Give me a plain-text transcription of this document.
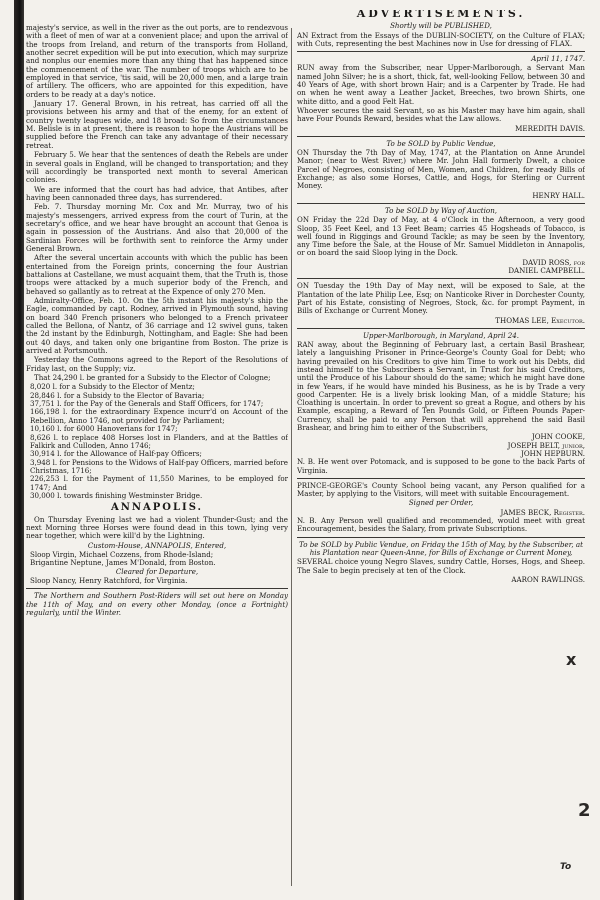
majesty's service, as well in the river as the out ports, are to rendezvous with a fleet of men of war at a convenient place; and upon the arrival of the troops from Ireland, and return of the transports from Holland, another secret expedition will be put into execution, which may surprize and nonplus our enemies more than any thing that has happened since the commencement of the war. The number of troops which are to be employed in that service, 'tis said, will be 20,000 men, and a large train of artillery. The officers, who are appointed for this expedition, have orders to be ready at a day's notice.

January 17. General Brown, in his retreat, has carried off all the provisions between his army and that of the enemy, for an extent of country twenty leagues wide, and 18 broad: So from the circumstances M. Belisle is in at present, there is reason to hope the Austrians will be supplied before the French can take any advantage of their necessary retreat.

February 5. We hear that the sentences of death the Rebels are under in several goals in England, will be changed to transportation; and they will accordingly be transported next month to several American colonies.

We are informed that the court has had advice, that Antibes, after having been cannonaded three days, has surrendered.

Feb. 7. Thursday morning Mr. Cox and Mr. Murray, two of his majesty's messengers, arrived express from the court of Turin, at the secretary's office, and we hear have brought an account that Genoa is again in possession of the Austrians. And also that 20,000 of the Sardinian Forces will be forthwith sent to reinforce the Army under General Brown.

After the several uncertain accounts with which the public has been entertained from the Foreign prints, concerning the four Austrian battalions at Castellane, we must acquaint them, that the Truth is, those troops were attacked by a much superior body of the French, and behaved so gallantly as to retreat at the Expence of only 270 Men.

Admiralty-Office, Feb. 10. On the 5th instant his majesty's ship the Eagle, commanded by capt. Rodney, arrived in Plymouth sound, having on board 340 French prisoners who belonged to a French privateer called the Bellona, of Nantz, of 36 carriage and 12 swivel guns, taken the 2d instant by the Edinburgh, Nottingham, and Eagle: She had been out 40 days, and taken only one brigantine from Boston. The prize is arrived at Portsmouth.

Yesterday the Commons agreed to the Report of the Resolutions of Friday last, on the Supply; viz.

That 24,290 l. be granted for a Subsidy to the Elector of Cologne;

8,020 l. for a Subsidy to the Elector of Mentz;

28,846 l. for a Subsidy to the Elector of Bavaria;

37,751 l. for the Pay of the Generals and Staff Officers, for 1747;

166,198 l. for the extraordinary Expence incurr'd on Account of the Rebellion, Anno 1746, not provided for by Parliament;

10,160 l. for 6000 Hanoverians for 1747;

8,626 l. to replace 408 Horses lost in Flanders, and at the Battles of Falkirk and Culloden, Anno 1746;

30,914 l. for the Allowance of Half-pay Officers;

3,948 l. for Pensions to the Widows of Half-pay Officers, married before Christmas, 1716;

226,253 l. for the Payment of 11,550 Marines, to be employed for 1747; And

30,000 l. towards finishing Westminster Bridge.

ANNAPOLIS.

On Thursday Evening last we had a violent Thunder-Gust; and the next Morning three Horses were found dead in this town, lying very near together, which were kill'd by the Lightning.

Custom-House, ANNAPOLIS, Entered,

Sloop Virgin, Michael Cozzens, from Rhode-Island;

Brigantine Neptune, James M'Donald, from Boston.

Cleared for Departure,

Sloop Nancy, Henry Ratchford, for Virginia.

The Northern and Southern Post-Riders will set out here on Monday the 11th of May, and on every other Monday, (once a Fortnight) regularly, until the Winter.

ADVERTISEMENTS.

Shortly will be PUBLISHED,

AN Extract from the Essays of the DUBLIN-SOCIETY, on the Culture of FLAX; with Cuts, representing the best Machines now in Use for dressing of FLAX.

April 11, 1747.

RUN away from the Subscriber, near Upper-Marlborough, a Servant Man named John Silver; he is a short, thick, fat, well-looking Fellow, between 30 and 40 Years of Age, with short brown Hair; and is a Carpenter by Trade. He had on when he went away a Leather Jacket, Breeches, two brown Shirts, one white ditto, and a good Felt Hat.

Whoever secures the said Servant, so as his Master may have him again, shall have Four Pounds Reward, besides what the Law allows.

MEREDITH DAVIS.

To be SOLD by Public Vendue,

ON Thursday the 7th Day of May, 1747, at the Plantation on Anne Arundel Manor; (near to West River,) where Mr. John Hall formerly Dwelt, a choice Parcel of Negroes, consisting of Men, Women, and Children, for ready Bills of Exchange; as also some Horses, Cattle, and Hogs, for Sterling or Current Money.

HENRY HALL.

To be SOLD by Way of Auction,

ON Friday the 22d Day of May, at 4 o'Clock in the Afternoon, a very good Sloop, 35 Feet Keel, and 13 Feet Beam; carries 45 Hogsheads of Tobacco, is well found in Riggings and Ground Tackle; as may be seen by the Inventory, any Time before the Sale, at the House of Mr. Samuel Middleton in Annapolis, or on board the said Sloop lying in the Dock.

DAVID ROSS, for

DANIEL CAMPBELL.

ON Tuesday the 19th Day of May next, will be exposed to Sale, at the Plantation of the late Philip Lee, Esq; on Nanticoke River in Dorchester County, Part of his Estate, consisting of Negroes, Stock, &c. for prompt Payment, in Bills of Exchange or Current Money.

THOMAS LEE, Executor.

Upper-Marlborough, in Maryland, April 24.

RAN away, about the Beginning of February last, a certain Basil Brashear, lately a languishing Prisoner in Prince-George's County Goal for Debt; who having prevailed on his Creditors to give him Time to work out his Debts, did instead himself to the Subscribers a Servant, in Trust for his said Creditors, until the Produce of his Labour should do the same; which he might have done in few Years, if he would have minded his Business, as he is by Trade a very good Carpenter. He is a lively brisk looking Man, of a middle Stature; his Cloathing is uncertain. In order to prevent so great a Rogue, and others by his Example, escaping, a Reward of Ten Pounds Gold, or Fifteen Pounds Paper-Currency, shall be paid to any Person that will apprehend the said Basil Brashear, and bring him to either of the Subscribers,

JOHN COOKE,

JOSEPH BELT, junior,

JOHN HEPBURN.

N. B. He went over Potomack, and is supposed to be gone to the back Parts of Virginia.

PRINCE-GEORGE's County School being vacant, any Person qualified for a Master, by applying to the Visitors, will meet with suitable Encouragement.

Signed per Order,

JAMES BECK, Register.

N. B. Any Person well qualified and recommended, would meet with great Encouragement, besides the Salary, from private Subscriptions.

To be SOLD by Public Vendue, on Friday the 15th of May, by the Subscriber, at his Plantation near Queen-Anne, for Bills of Exchange or Current Money,

SEVERAL choice young Negro Slaves, sundry Cattle, Horses, Hogs, and Sheep. The Sale to begin precisely at ten of the Clock.

AARON RAWLINGS.

x
2
To
